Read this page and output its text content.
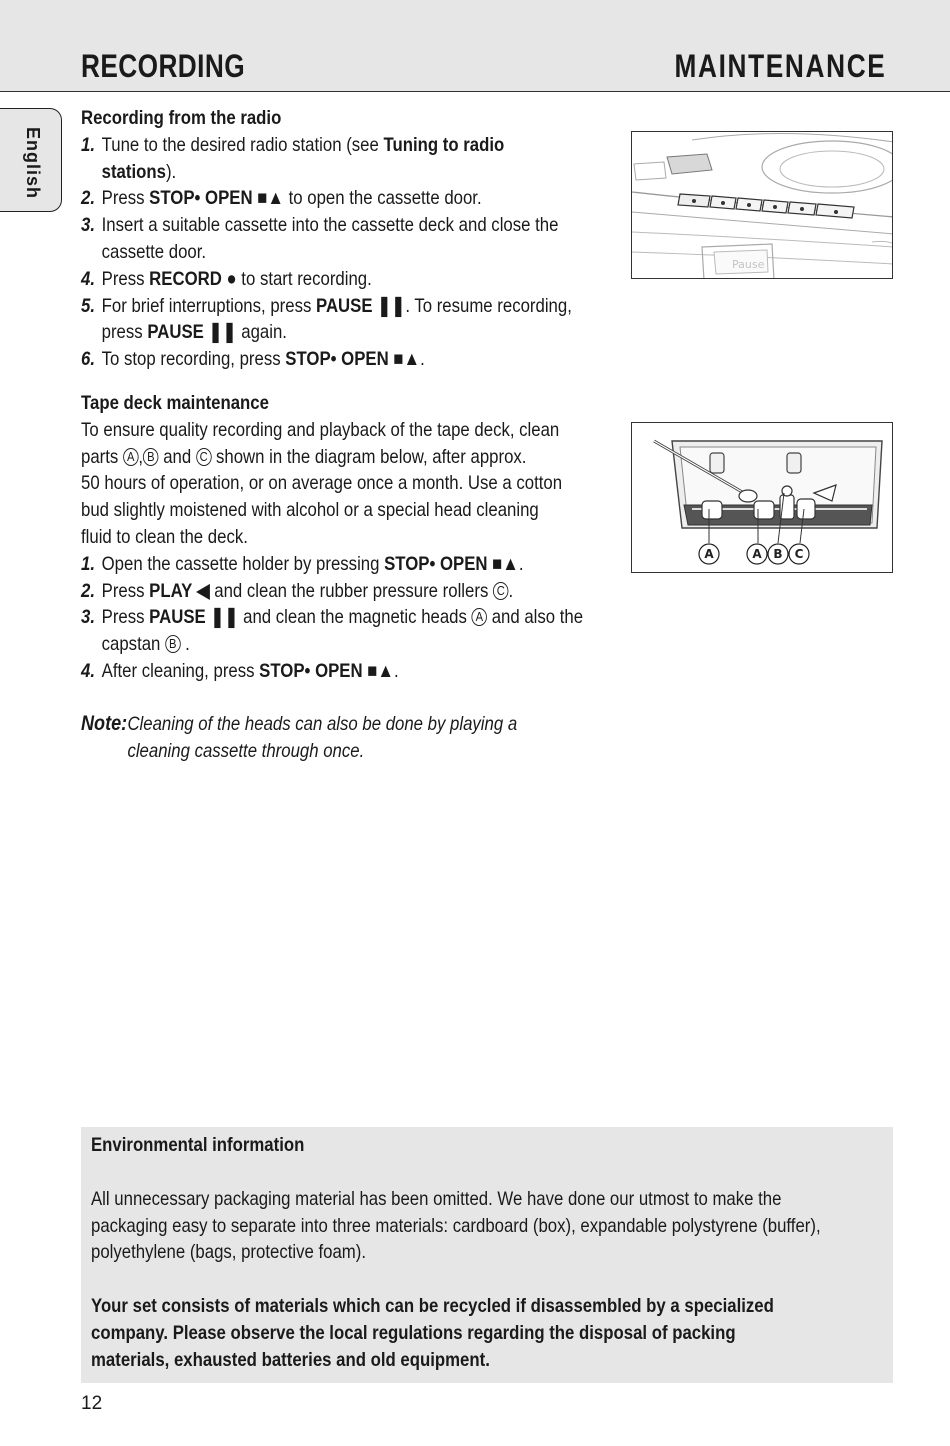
RECORDING	MAINTENANCE
English
Recording from the radio
1. Tune to the desired radio station (see Tuning to radio
stations).
2. Press STOP• OPEN ■▲ to open the cassette door.
3. Insert a suitable cassette into the cassette deck and close the
cassette door.
4. Press RECORD ● to start recording.
5. For brief interruptions, press PAUSE ❚❚. To resume recording,
press PAUSE ❚❚ again.
6. To stop recording, press STOP• OPEN ■▲.
Tape deck maintenance
To ensure quality recording and playback of the tape deck, clean
parts A , B and C shown in the diagram below, after approx.
50 hours of operation, or on average once a month. Use a cotton
bud slightly moistened with alcohol or a special head cleaning
fluid to clean the deck.
1. Open the cassette holder by pressing STOP• OPEN ■▲.
2. Press PLAY ◀ and clean the rubber pressure rollers C .
3. Press PAUSE ❚❚ and clean the magnetic heads A and also the
capstan B .
4. After cleaning, press STOP• OPEN ■▲.
Note:Cleaning of the heads can also be done by playing a
cleaning cassette through once.
Pause
A	A B C
Environmental information
All unnecessary packaging material has been omitted. We have done our utmost to make the
packaging easy to separate into three materials: cardboard (box), expandable polystyrene (buffer),
polyethylene (bags, protective foam).
Your set consists of materials which can be recycled if disassembled by a specialized
company. Please observe the local regulations regarding the disposal of packing
materials, exhausted batteries and old equipment.
12
